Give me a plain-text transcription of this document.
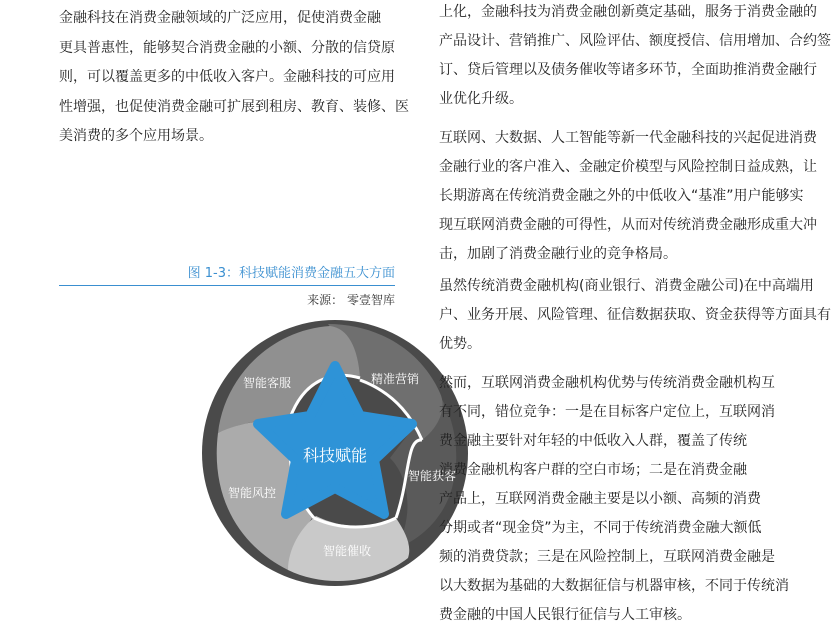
金融科技在消费金融领域的广泛应用，促使消费金融
更具普惠性，能够契合消费金融的小额、分散的信贷原
则，可以覆盖更多的中低收入客户。金融科技的可应用
性增强，也促使消费金融可扩展到租房、教育、装修、医
美消费的多个应用场景。
图 1-3：科技赋能消费金融五大方面
来源： 零壹智库
科技赋能
智能客服	精准营销
智能获客
智能催收
智能风控
上化，金融科技为消费金融创新奠定基础，服务于消费金融的
产品设计、营销推广、风险评估、额度授信、信用增加、合约签
订、贷后管理以及债务催收等诸多环节，全面助推消费金融行
业优化升级。
互联网、大数据、人工智能等新一代金融科技的兴起促进消费
金融行业的客户准入、金融定价模型与风险控制日益成熟，让
长期游离在传统消费金融之外的中低收入“基准”用户能够实
现互联网消费金融的可得性，从而对传统消费金融形成重大冲
击，加剧了消费金融行业的竞争格局。
虽然传统消费金融机构(商业银行、消费金融公司)在中高端用
户、业务开展、风险管理、征信数据获取、资金获得等方面具有
优势。
然而，互联网消费金融机构优势与传统消费金融机构互
有不同，错位竞争：一是在目标客户定位上，互联网消
费金融主要针对年轻的中低收入人群，覆盖了传统
消费金融机构客户群的空白市场；二是在消费金融
产品上，互联网消费金融主要是以小额、高频的消费
分期或者“现金贷”为主，不同于传统消费金融大额低
频的消费贷款；三是在风险控制上，互联网消费金融是
以大数据为基础的大数据征信与机器审核，不同于传统消
费金融的中国人民银行征信与人工审核。
